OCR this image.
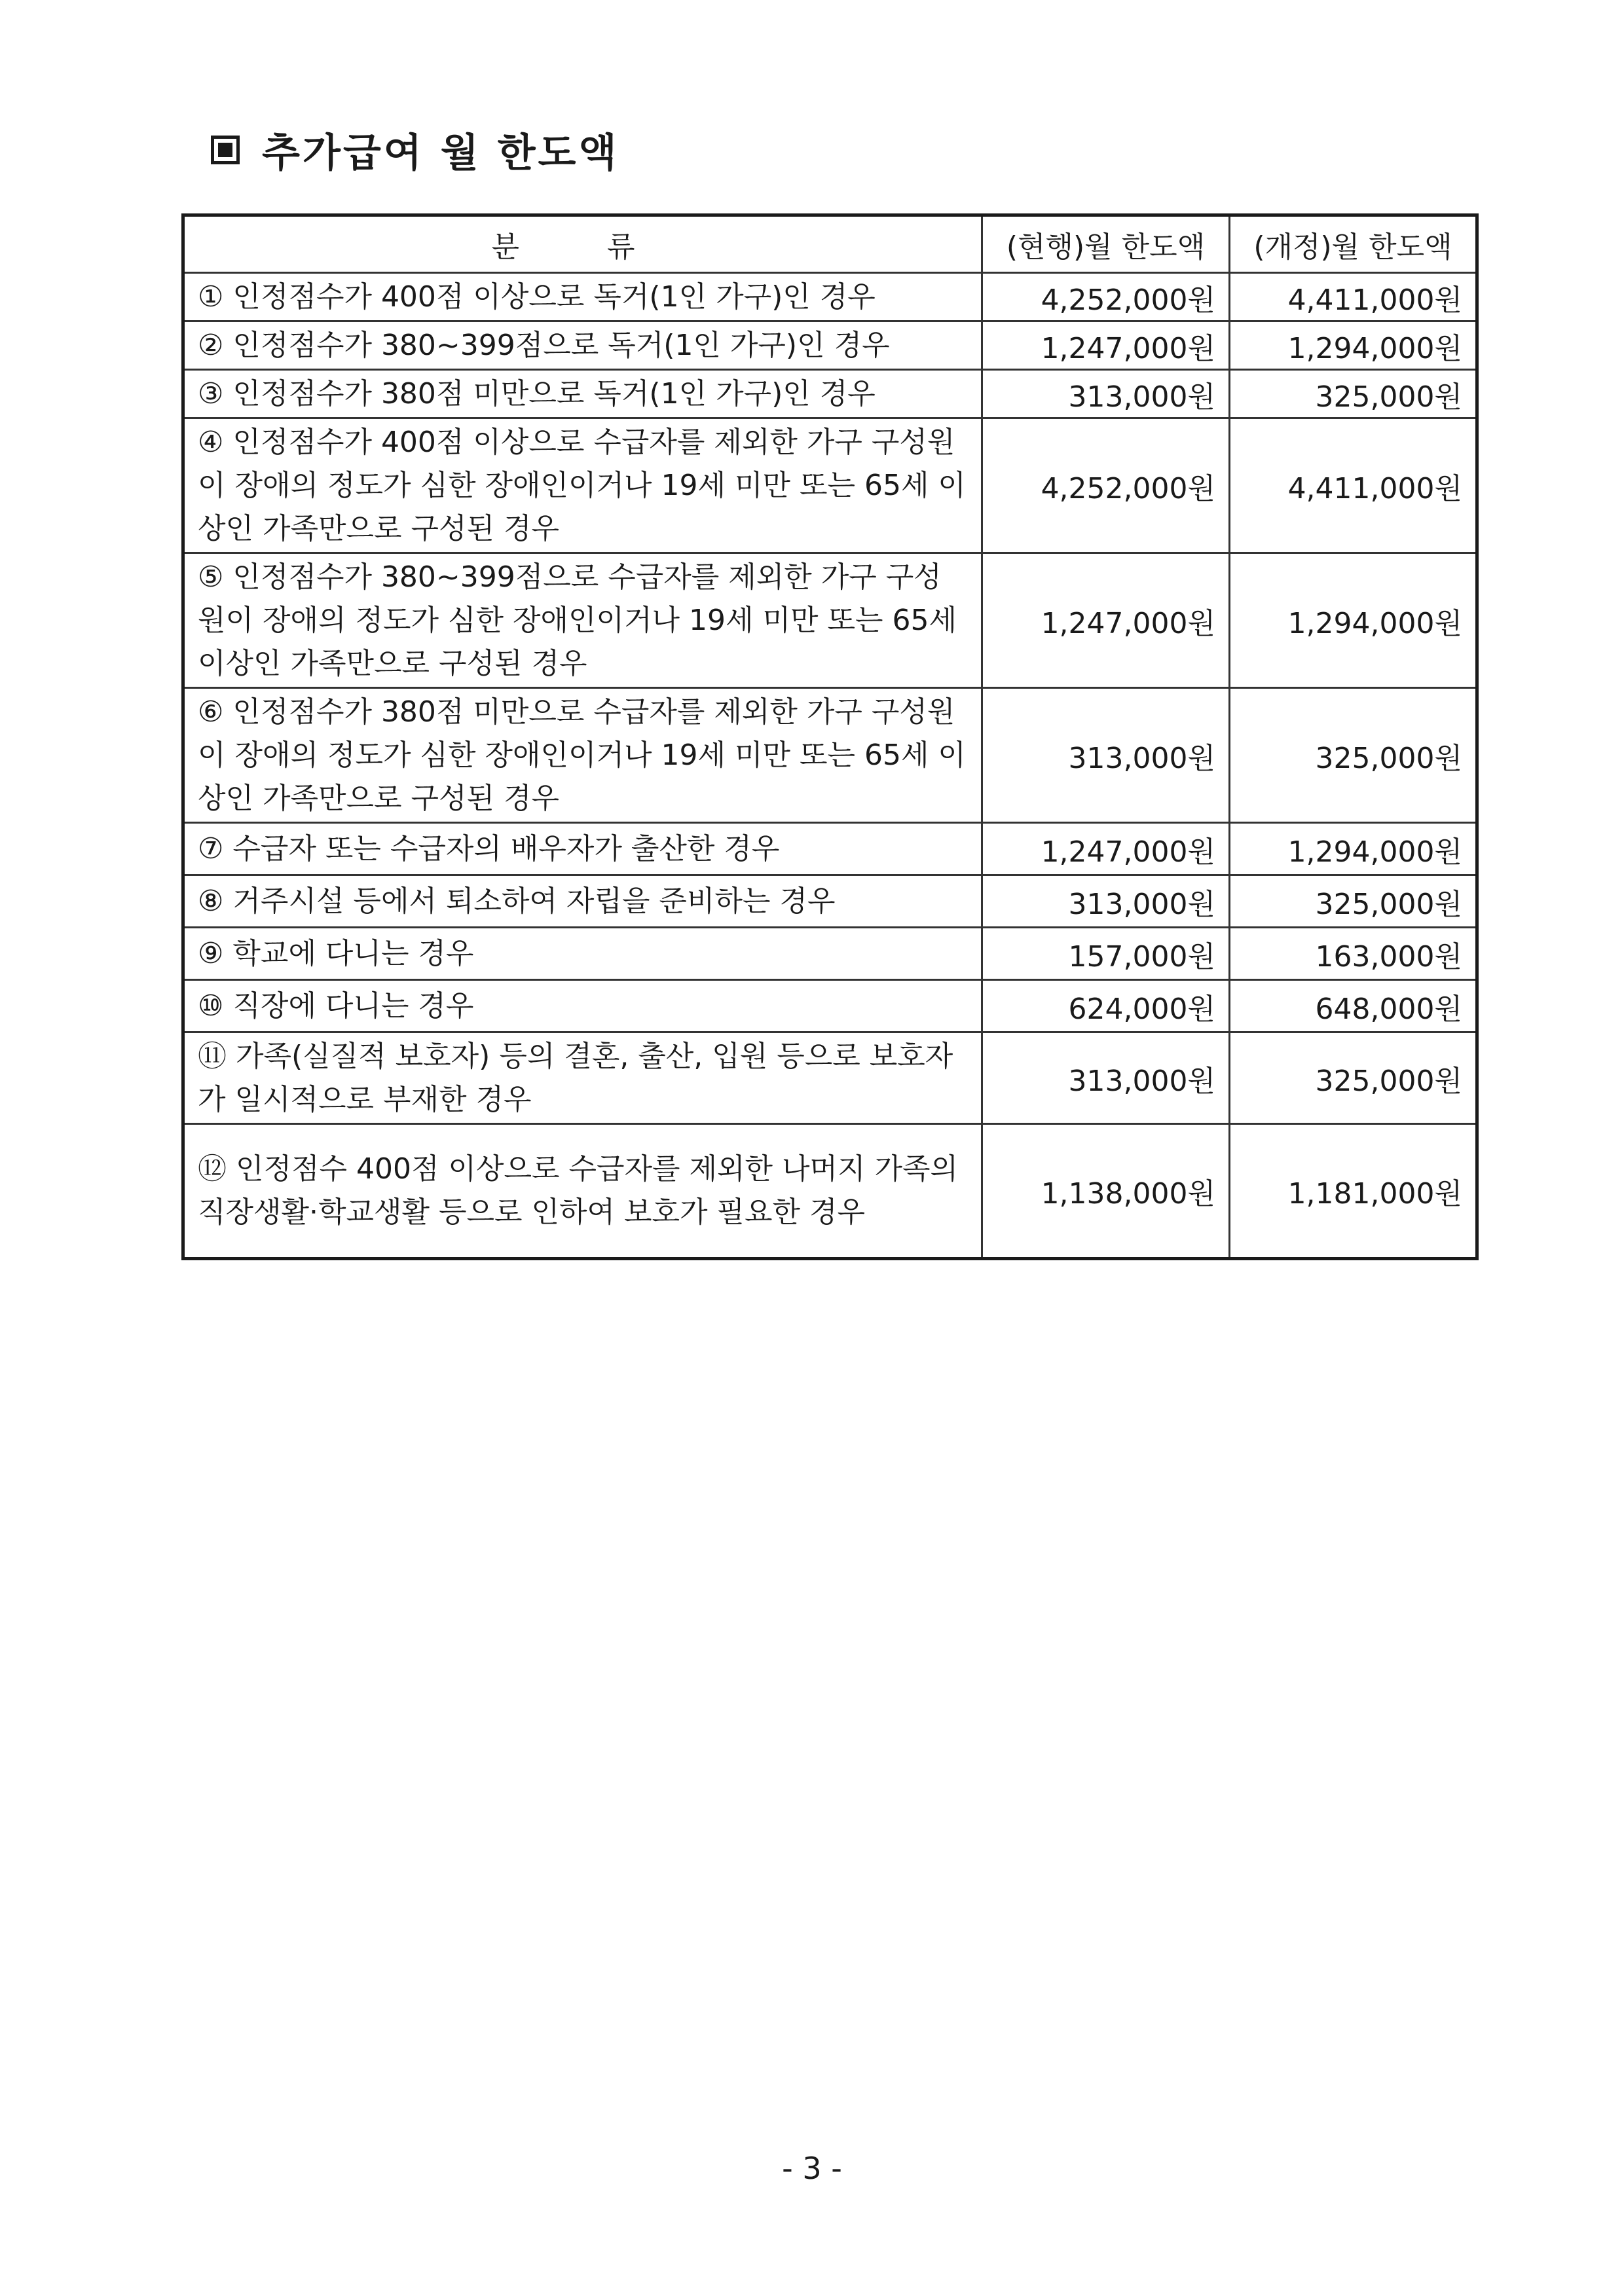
추가급여 월 한도액
분 류	(현행)월 한도액	(개정)월 한도액
① 인정점수가 400점 이상으로 독거(1인 가구)인 경우	4,252,000원	4,411,000원
② 인정점수가 380~399점으로 독거(1인 가구)인 경우	1,247,000원	1,294,000원
③ 인정점수가 380점 미만으로 독거(1인 가구)인 경우	313,000원	325,000원
④ 인정점수가 400점 이상으로 수급자를 제외한 가구 구성원이 장애의 정도가 심한 장애인이거나 19세 미만 또는 65세 이상인 가족만으로 구성된 경우	4,252,000원	4,411,000원
⑤ 인정점수가 380~399점으로 수급자를 제외한 가구 구성원이 장애의 정도가 심한 장애인이거나 19세 미만 또는 65세 이상인 가족만으로 구성된 경우	1,247,000원	1,294,000원
⑥ 인정점수가 380점 미만으로 수급자를 제외한 가구 구성원이 장애의 정도가 심한 장애인이거나 19세 미만 또는 65세 이상인 가족만으로 구성된 경우	313,000원	325,000원
⑦ 수급자 또는 수급자의 배우자가 출산한 경우	1,247,000원	1,294,000원
⑧ 거주시설 등에서 퇴소하여 자립을 준비하는 경우	313,000원	325,000원
⑨ 학교에 다니는 경우	157,000원	163,000원
⑩ 직장에 다니는 경우	624,000원	648,000원
⑪ 가족(실질적 보호자) 등의 결혼, 출산, 입원 등으로 보호자가 일시적으로 부재한 경우	313,000원	325,000원
⑫ 인정점수 400점 이상으로 수급자를 제외한 나머지 가족의 직장생활·학교생활 등으로 인하여 보호가 필요한 경우	1,138,000원	1,181,000원
- 3 -
